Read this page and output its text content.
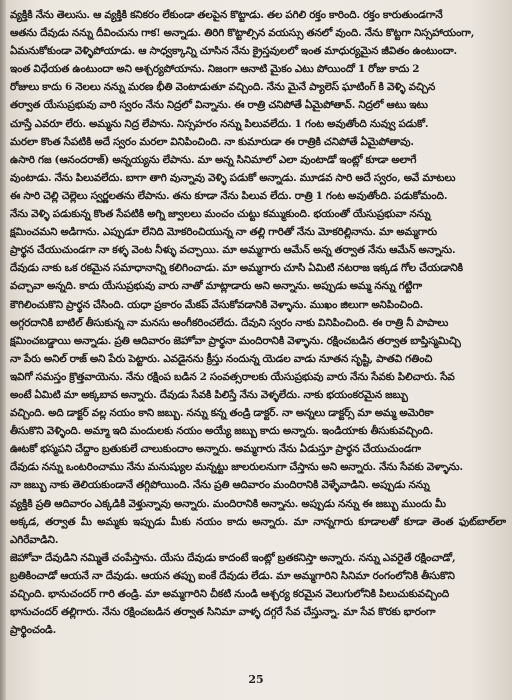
వ్యక్తికి నేను తెలుసు. ఆ వ్యక్తికి కనికరం లేకుండా తలపైన కొట్టాడు. తల పగిలి రక్తం కారింది. రక్తం కారుతుండగానే

ఆతను దేవుడు నన్ను దీవించును గాక! అన్నాడు. తిరిగి కొట్టాల్సిన వయస్సు తనలో వుంది. నేను కొట్టగా నిస్సహాయంగా,

ఏమనుకోకుండా వెళ్ళిపోయాడు. ఆ సాధ్వక్కాన్ని చూసిన నేను క్రైస్తవులలో ఇంత మాధుర్యమైన జీవితం ఉంటుందా.

ఇంత విధేయత ఉంటుందా అని ఆశ్చర్యపోయాను. నిజంగా ఆనాటి మైకం ఎటు పోయిందో 1 రోజు కాదు 2

రోజులు కాదు 6 నెలలు నన్ను మరణ భీతి వెంటాడుతూ వచ్చింది. నేను మైనే ప్యాలెస్ ఘాటింగ్ కి వెళ్ళి వచ్చిన

తర్వాత యేసుప్రభువు వారి స్వరం నేను నిద్రలో విన్నాను. ఈ రాత్రి చనిపోతే ఏమైపోతావ్. నిద్రలో ఆటు ఇటు

చూస్తే ఎవరూ లేరు. అమ్మను నిద్ర లేపాను. నిస్సహరం నన్ను పిలువలేదు. 1 గంట అవుతోంది నువ్వు పడుకో.

మరలా కొంత సేపటికి అదే స్వరం మరలా వినిపించింది. నా కుమారుడా ఈ రాత్రికి చనిపోతే ఏమైపోతావు.

ఉసారి గజ (ఆనందరాజ్) అన్నయ్యను లేపాను. మా అన్న సినిమాలో ఎలా వుంటాడో ఇంట్లో కూడా అలాగే

వుంటాడు. నేను పిలువలేదు. బాగా తాగి వున్నావు వెళ్ళి పడుకో అన్నాడు. మూడవ సారి అదే స్వరం, అవే మాటలు

ఈ సారి చెల్లి చెల్లెలు స్వర్ణలతను లేపాను. తను కూడా నేను పిలువ లేదు. రాత్రి 1 గంట అవుతోంది. పడుకోమంది.

నేను వెళ్ళి పడుకున్న కొంత సేపటికి అగ్ని జ్వాలలు మంచం చుట్టు కమ్ముకుంది. భయంతో యేసుప్రభువా నన్ను

క్షమించమని అడిగాను. ఎప్పుడూ లేనిది మోకరించియున్న నా తల్లి గారితో నేను మోకరిల్లినాను. మా అమ్మగారు

ప్రార్థన చేయుచుండగా నా కళ్ళ వెంట నీళ్ళు వచ్చాయి. మా అమ్మగారు ఆమేన్ అన్న తర్వాత నేను ఆమేన్ అన్నాను.

దేవుడు నాకు ఒక రకమైన సమాధానాన్ని కలిగించాడు. మా అమ్మగారు చూసి ఏమిటి నటరాజ ఇక్కడ గోల చేయడానికి

వచ్చావా అన్నది. కాదు యేసుప్రభువు వారు నాతో మాట్లాడారు అని అన్నాను. అప్పుడు అమ్మ నన్ను గట్టిగా

కౌగిలించుకొని ప్రార్థన చేసింది. యధా ప్రకారం మేకప్ వేసుకోవడానికి వెళ్ళాను. ముఖం జిలుగా అనిపించింది.

అగ్గరదానికి బాటిల్ తీసుకున్న నా మనసు అంగీకరించలేదు. దేవుని స్వరం నాకు వినిపించింది. ఈ రాత్రి నీ పాపాలు

క్షమించబడ్డాయి అన్నాడు. ప్రతి ఆదివారం జెహోవా ప్రార్థనా మందిరానికి వెళ్ళాను. రక్షించబడిన తర్వాత బాప్తిస్మమిచ్చి

నా పేరు అనిల్ రాజ్ అని పేరు పెట్టారు. ఎవడైనను క్రీస్తు నందున్న యెడల వాడు నూతన సృష్టి, పాతవి గతించి

ఇవిగో సమస్తం క్రొత్తవాయెను. నేను రక్షింప బడిన 2 సంవత్సరాలకు యేసుప్రభువు వారు నేను సేవకు పిలిచారు. సేవ

అంటే ఏమిటి మా అక్కబావ అన్నారు. దేవుడు సేవకి పిలిస్తే నేను వెళ్ళలేదు. నాకు భయంకరమైన జబ్బు

వచ్చింది. అది డాక్టర్ వల్ల నయం కాని జబ్బు. నన్ను కన్న తండ్రి డాక్టర్. నా అన్నలు డాక్టర్స్ మా అమ్మ అమెరికా

తీసుకొని వెళ్ళింది. అమ్మా ఇది మందులకు నయం అయ్యే జబ్బు కాదు అన్నారు. ఇండియాకు తీసుకువచ్చింది.

ఊటకో భస్మపని చేద్దాం బ్రతుకులే చాలుకుందాం అన్నారు. అమ్మగారు నేను ఏడుస్తూ ప్రార్థన చేయుచుండగా

దేవుడు నన్ను ఒంటరించాము నేను మనుష్యుల మన్నట్టు జాలరులనుగా చేస్తాను అని అన్నారు. నేను సేవకు వెళ్ళాను.

నా జబ్బు నాకు తెలియకుండానే తగ్గిపోయింది. నేను ప్రతి ఆదివారం మందిరానికి వెళ్ళేవాడిని. అప్పుడు నన్ను

వ్యక్తికి ప్రతి ఆదివారం ఎక్కడికి వెళ్తున్నావు అన్నారు. మందిరానికి అన్నాను. అప్పుడు నన్ను ఈ జబ్బు ముందు మీ

అక్కడ, తర్వాత మీ అమ్మకు ఇప్పుడు మీకు నయం కాదు అన్నారు. మా నాన్నగారు కూడాలతో కూడా తెంత ఫుట్‌బాల్‌లా ఎగిరేవాడిని.

జెహోవా దేవుడిని నమ్మితే చంపేస్తాను. యేసు దేవుడు కాదంటే ఇంట్లో బ్రతకనిస్తా అన్నారు. నన్ను ఎవరైతే రక్షించాడో,

బ్రతికించాడో ఆయనే నా దేవుడు. ఆయన తప్పు ఐంకే దేవుడు లేడు. మా అమ్మగారిని సినిమా రంగంలోనికి తీసుకొని

వచ్చింది. భానుచందర్ గారి తండ్రి. మా అమ్మగారిని చీకటి నుండి ఆశ్చర్య కరమైన వెలుగులోనికి పిలుచుకువచ్చింది

భానుచందర్ తల్లిగారు. నేను రక్షించబడిన తర్వాత సినిమా వాళ్ళ దగ్గరే సేవ చేస్తున్నా. మా సేవ కొరకు భారంగా

ప్రార్థించండి.

25
